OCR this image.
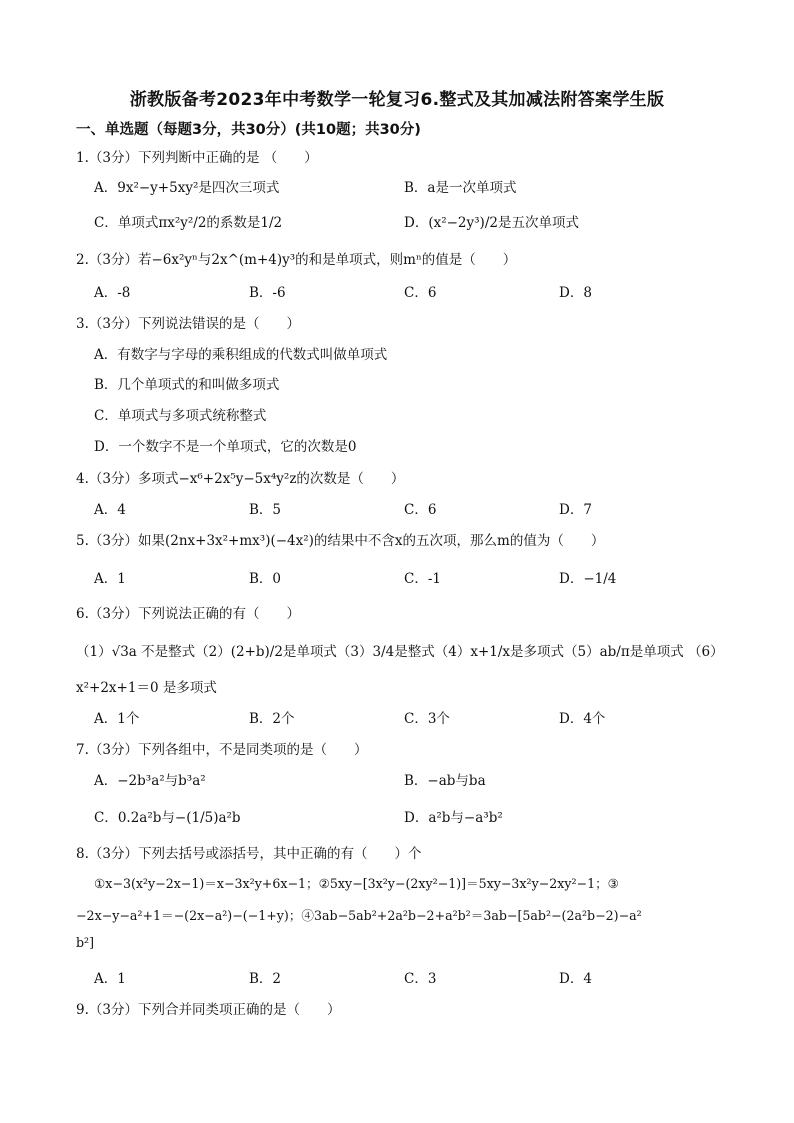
浙教版备考2023年中考数学一轮复习6.整式及其加减法附答案学生版
一、单选题（每题3分，共30分）(共10题；共30分)
1.（3分）下列判断中正确的是 （　　）
A．9x²−y+5xy²是四次三项式	B．a是一次单项式
C．单项式πx²y²/2的系数是1/2	D．(x²−2y³)/2是五次单项式
2.（3分）若−6x²yⁿ与2x^(m+4)y³的和是单项式，则mⁿ的值是（　　）
A．-8	B．-6	C．6	D．8
3.（3分）下列说法错误的是（　　）
A．有数字与字母的乘积组成的代数式叫做单项式
B．几个单项式的和叫做多项式
C．单项式与多项式统称整式
D．一个数字不是一个单项式，它的次数是0
4.（3分）多项式−x⁶+2x⁵y−5x⁴y²z的次数是（　　）
A．4	B．5	C．6	D．7
5.（3分）如果(2nx+3x²+mx³)(−4x²)的结果中不含x的五次项，那么m的值为（　　）
A．1	B．0	C．-1	D．−1/4
6.（3分）下列说法正确的有（　　）
（1）√3a 不是整式（2）(2+b)/2是单项式（3）3/4是整式（4）x+1/x是多项式（5）ab/π是单项式 （6）
x²+2x+1＝0 是多项式
A．1个	B．2个	C．3个	D．4个
7.（3分）下列各组中，不是同类项的是（　　）
A．−2b³a²与b³a²	B．−ab与ba
C．0.2a²b与−(1/5)a²b	D．a²b与−a³b²
8.（3分）下列去括号或添括号，其中正确的有（　　）个
①x−3(x²y−2x−1)＝x−3x²y+6x−1；②5xy−[3x²y−(2xy²−1)]＝5xy−3x²y−2xy²−1；③
−2x−y−a²+1＝−(2x−a²)−(−1+y)；④3ab−5ab²+2a²b−2+a²b²＝3ab−[5ab²−(2a²b−2)−a²
b²]
A．1	B．2	C．3	D．4
9.（3分）下列合并同类项正确的是（　　）
